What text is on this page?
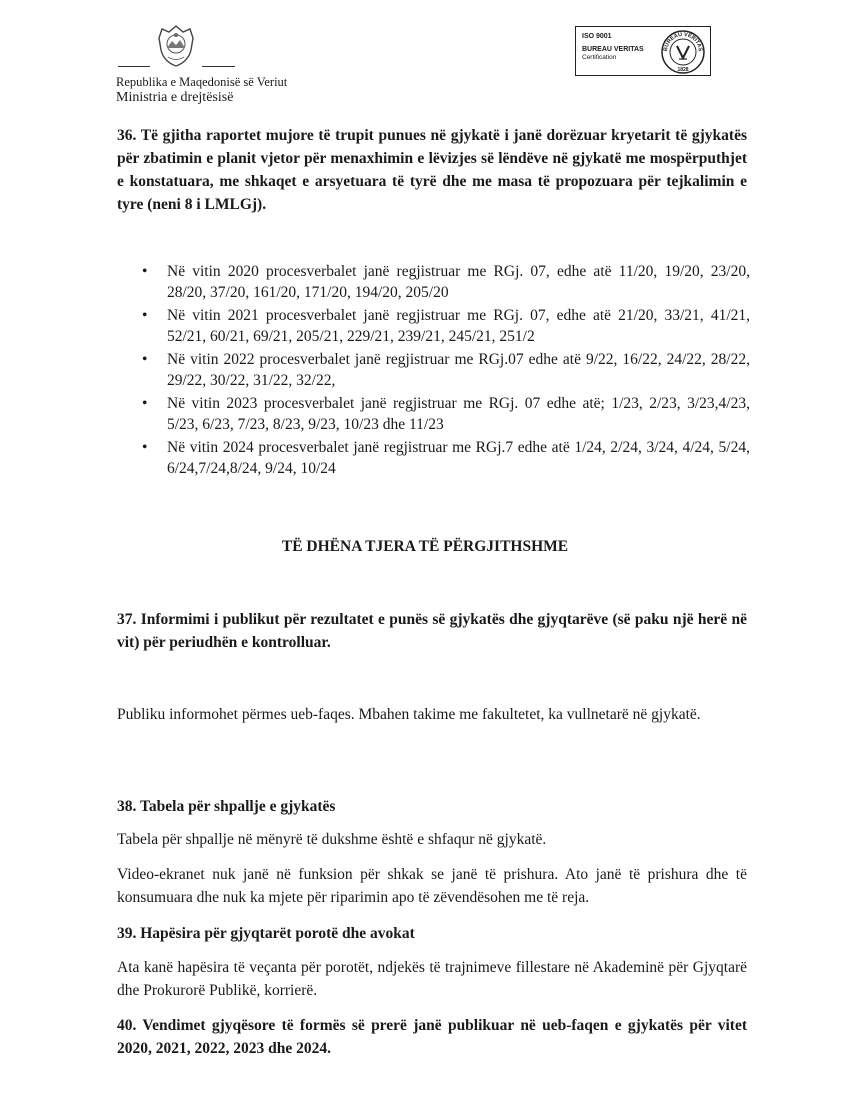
Republika e Maqedonisë së Veriut
Ministria e drejtësisë
ISO 9001
BUREAU VERITAS
Certification
BUREAU VERITAS
1828
36. Të gjitha raportet mujore të trupit punues në gjykatë i janë dorëzuar kryetarit të gjykatës për zbatimin e planit vjetor për menaxhimin e lëvizjes së lëndëve në gjykatë me mospërputhjet e konstatuara, me shkaqet e arsyetuara të tyrë dhe me masa të propozuara për tejkalimin e tyre (neni 8 i LMLGj).
• Në vitin 2020 procesverbalet janë regjistruar me RGj. 07, edhe atë 11/20, 19/20, 23/20, 28/20, 37/20, 161/20, 171/20, 194/20, 205/20
• Në vitin 2021 procesverbalet janë regjistruar me RGj. 07, edhe atë 21/20, 33/21, 41/21, 52/21, 60/21, 69/21, 205/21, 229/21, 239/21, 245/21, 251/2
• Në vitin 2022 procesverbalet janë regjistruar me RGj.07 edhe atë 9/22, 16/22, 24/22, 28/22, 29/22, 30/22, 31/22, 32/22,
• Në vitin 2023 procesverbalet janë regjistruar me RGj. 07 edhe atë; 1/23, 2/23, 3/23,4/23, 5/23, 6/23, 7/23, 8/23, 9/23, 10/23 dhe 11/23
• Në vitin 2024 procesverbalet janë regjistruar me RGj.7 edhe atë 1/24, 2/24, 3/24, 4/24, 5/24, 6/24,7/24,8/24, 9/24, 10/24
TË DHËNA TJERA TË PËRGJITHSHME
37. Informimi i publikut për rezultatet e punës së gjykatës dhe gjyqtarëve (së paku një herë në vit) për periudhën e kontrolluar.
Publiku informohet përmes ueb-faqes. Mbahen takime me fakultetet, ka vullnetarë në gjykatë.
38. Tabela për shpallje e gjykatës
Tabela për shpallje në mënyrë të dukshme është e shfaqur në gjykatë.
Video-ekranet nuk janë në funksion për shkak se janë të prishura. Ato janë të prishura dhe të konsumuara dhe nuk ka mjete për riparimin apo të zëvendësohen me të reja.
39. Hapësira për gjyqtarët porotë dhe avokat
Ata kanë hapësira të veçanta për porotët, ndjekës të trajnimeve fillestare në Akademinë për Gjyqtarë dhe Prokurorë Publikë, korrierë.
40. Vendimet gjyqësore të formës së prerë janë publikuar në ueb-faqen e gjykatës për vitet 2020, 2021, 2022, 2023 dhe 2024.
